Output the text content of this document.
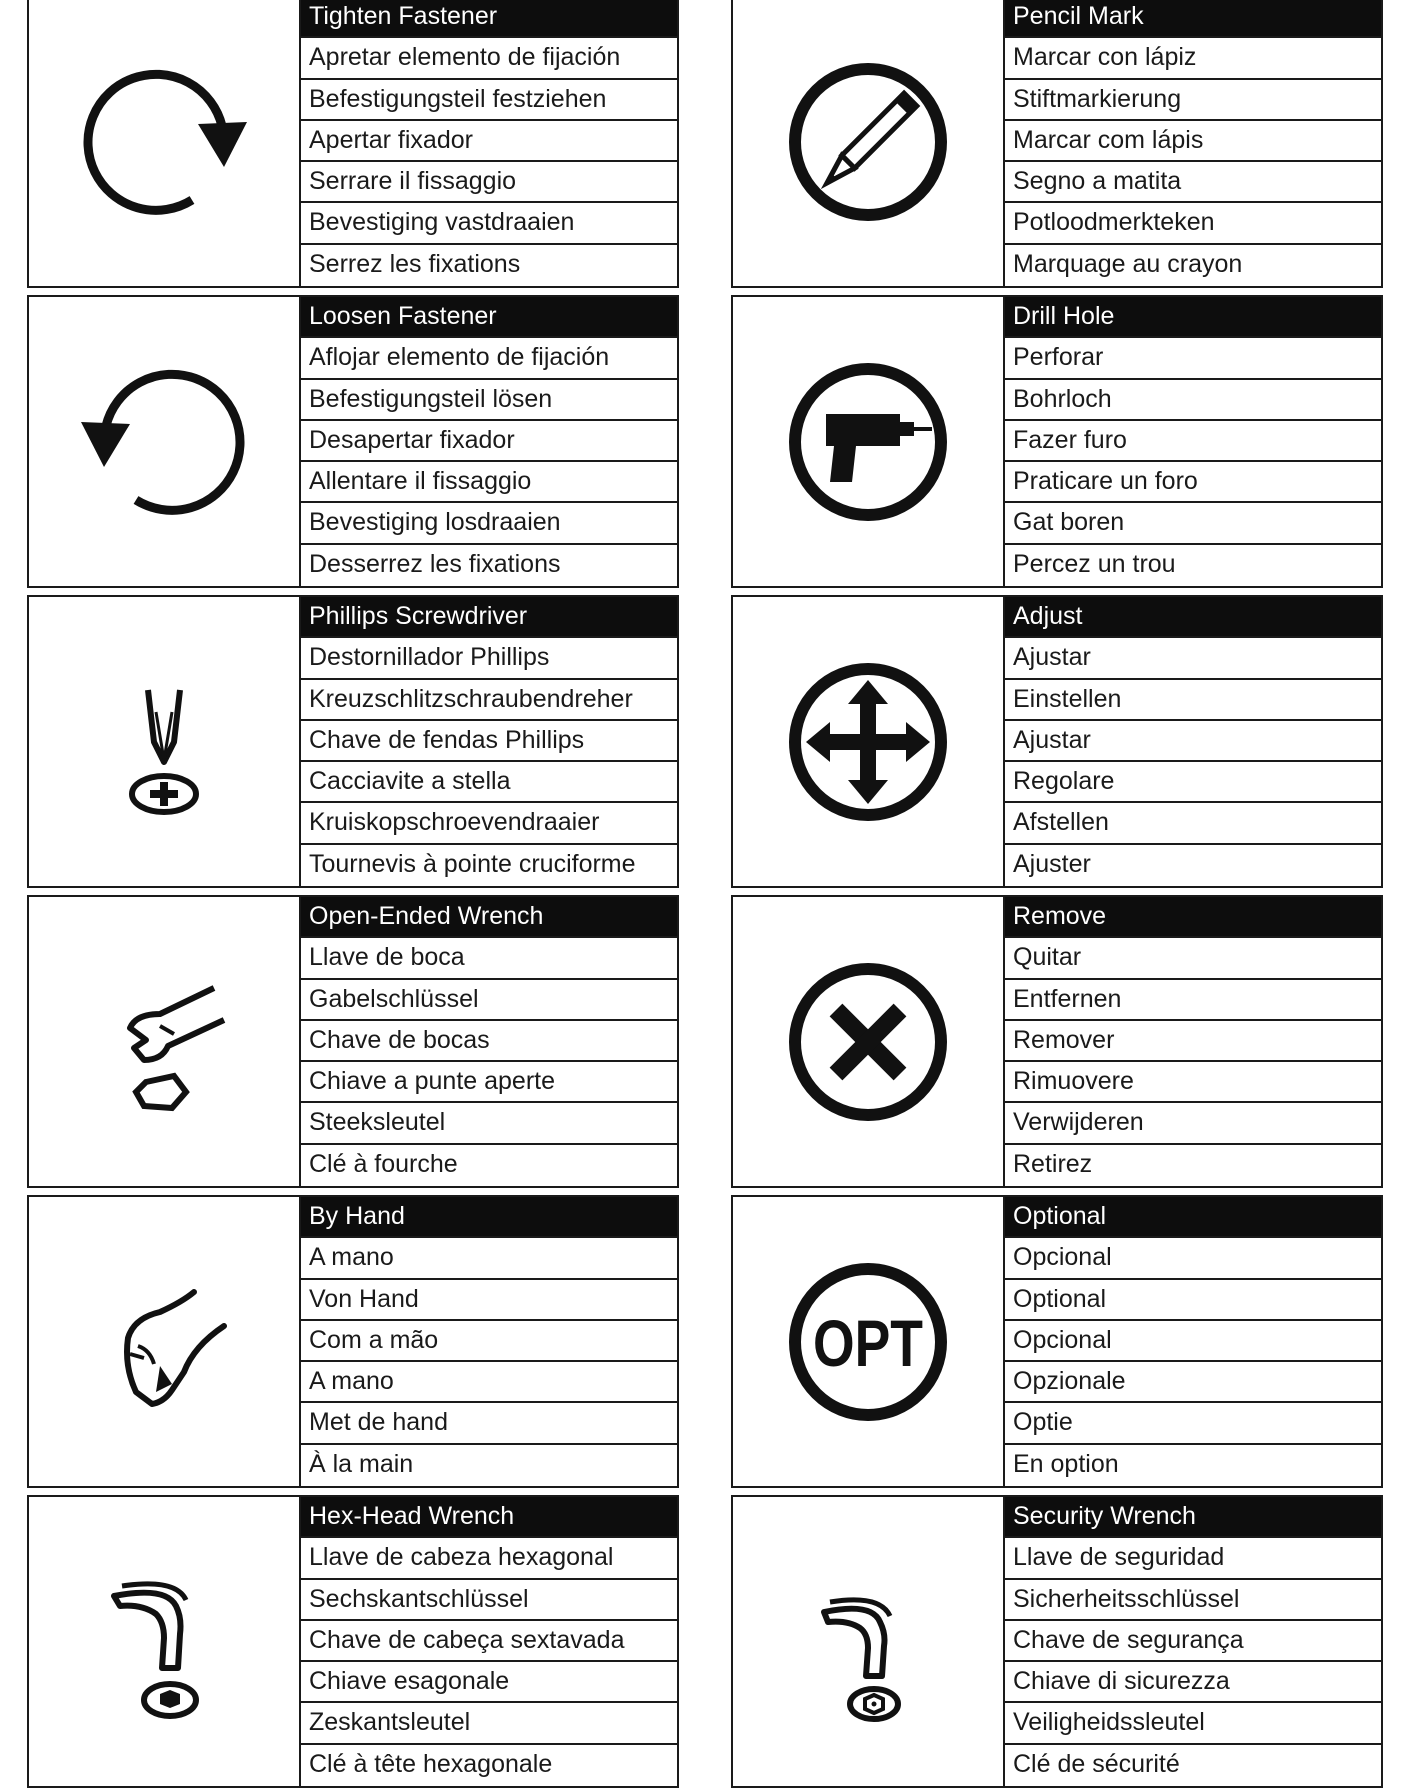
Tighten Fastener
Apretar elemento de fijación
Befestigungsteil festziehen
Apertar fixador
Serrare il fissaggio
Bevestiging vastdraaien
Serrez les fixations
Pencil Mark
Marcar con lápiz
Stiftmarkierung
Marcar com lápis
Segno a matita
Potloodmerkteken
Marquage au crayon
Loosen Fastener
Aflojar elemento de fijación
Befestigungsteil lösen
Desapertar fixador
Allentare il fissaggio
Bevestiging losdraaien
Desserrez les fixations
Drill Hole
Perforar
Bohrloch
Fazer furo
Praticare un foro
Gat boren
Percez un trou
Phillips Screwdriver
Destornillador Phillips
Kreuzschlitzschraubendreher
Chave de fendas Phillips
Cacciavite a stella
Kruiskopschroevendraaier
Tournevis à pointe cruciforme
Adjust
Ajustar
Einstellen
Ajustar
Regolare
Afstellen
Ajuster
Open-Ended Wrench
Llave de boca
Gabelschlüssel
Chave de bocas
Chiave a punte aperte
Steeksleutel
Clé à fourche
Remove
Quitar
Entfernen
Remover
Rimuovere
Verwijderen
Retirez
By Hand
A mano
Von Hand
Com a mão
A mano
Met de hand
À la main
OPT
Optional
Opcional
Optional
Opcional
Opzionale
Optie
En option
Hex-Head Wrench
Llave de cabeza hexagonal
Sechskantschlüssel
Chave de cabeça sextavada
Chiave esagonale
Zeskantsleutel
Clé à tête hexagonale
Security Wrench
Llave de seguridad
Sicherheitsschlüssel
Chave de segurança
Chiave di sicurezza
Veiligheidssleutel
Clé de sécurité
